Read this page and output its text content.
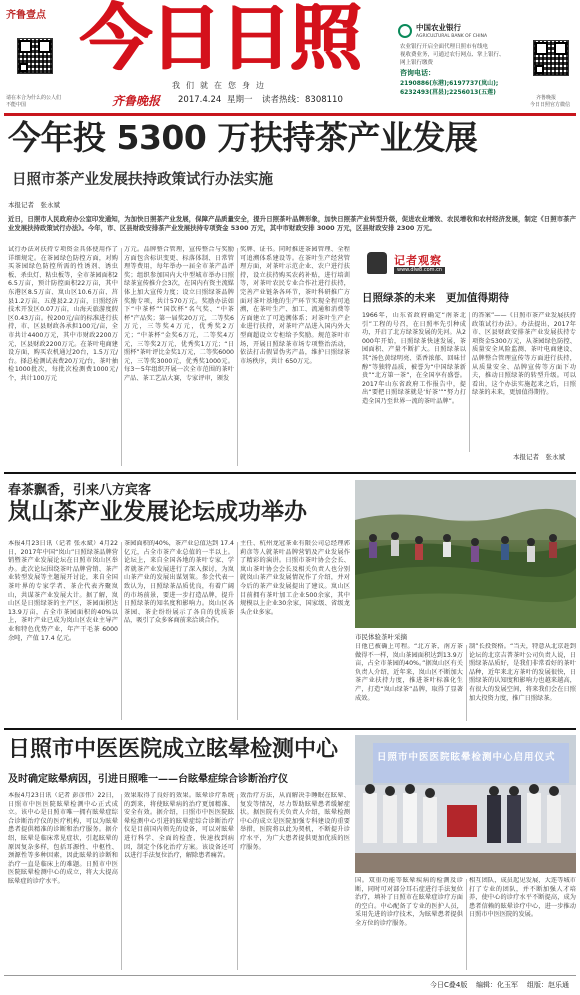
齐鲁壹点
请在本合为什么的公人们
不能中国
今日日照
我们就在您身边
齐鲁晚报 2017.4.24 星期一 读者热线： 8308110
中国农业银行
AGRICULTURAL BANK OF CHINA
农业银行开启全面代理日照市有线电
视收费业务，可通过农行网点、掌上银行、
网上银行缴费
咨询电话：
2190886(东港);6197737(岚山);
6232493(莒县);2256013(五莲)
齐鲁晚报
今日日照官方微信
今年投 5300 万扶持茶产业发展
日照市茶产业发展扶持政策试行办法实施
本报记者　张永斌
近日，日照市人民政府办公室印发通知，为加快日照茶产业发展，保障产品质量安全，提升日照茶叶品牌形象，加快日照茶产业转型升级，促进农业增效、农民增收和农村经济发展，制定《日照市茶产业发展扶持政策试行办法》。今年，市、区县财政安排茶产业发展扶持专项资金 5300 万元，其中市财政安排 3000 万元，区县财政安排 2300 万元。
试行办法对扶持专项资金具体使用作了详细规定。在茶园绿色防控方面，对购买茶园绿色防控所需的性诱剂、诱虫板、杀虫灯、粘虫板等，全市茶园面积26.5万亩，预计防控面积22万亩，其中东港区8.5万亩、岚山区10.6万亩、莒县1.2万亩、五莲县2.2万亩，日照经济技术开发区0.07万亩，山海天旅游度假区0.43万亩。按200元/亩的标准进行扶持，市、区县财政各承担100元/亩，全市共计4400万元，其中市财政2200万元，区县财政2200万元。在茶叶电商建设方面，购买农机通过20台，1.5万元/台。择总检测试表费20万元/台，茶叶抽检1000批次，每批次检测费1000元/个，共计100万元
万元。品牌整合管理，宣传整合与奖励方面包含标识变更、标落体制、日常管理等费用，每年举办一届全市茶产品评奖；组织参加国内大中型城市举办日照绿茶宣传推介会3次，在国内有资主流媒体上加大宣传力度；设立日照绿茶品牌奖励专项，共计570万元。奖励办法如下“中茶杯”“国饮杯”名气奖、“中茶杯”产品奖；第一届奖20万元，二等奖6万元，三等奖4万元，优秀奖2万元；“中茶杯”金奖6万元，二等奖4万元，三等奖2万元，优秀奖1万元；“日照杯”茶叶评比金奖1万元，二等奖6000元，三等奖3000元，优秀奖1000元。每3～5年组织开展一次全市范围的茶叶产品、茶工艺品大赛，专家评审，颁发
奖牌、证书。同时推进茶园管理、全程可追溯体系建设等。在茶叶生产经营管理方面，对茶叶示范企业、农户进行扶持，设立扶持购买农药补贴，进行培训等，对茶叶农民专业合作社进行扶持，完善产业链条各环节，茶叶科研推广方面对茶叶基地的生产环节实现全程可追溯，在茶叶生产、加工、流通和消费等方面建立了可追溯体系；对茶叶生产企业进行扶持，对茶叶产品进入国内外大型商超设立专柜给予奖励。规范茶叶市场，开展日照绿茶市场专项整治活动，依法打击假冒伪劣产品，维护日照绿茶市场秩序，共计 650万元。
记者观察
www.dlw8.com.cn
日照绿茶的未来　更加值得期待
1966年，山东省政府确定“南茶北引”工程的号召，在日照率先引种成功，开启了北方绿茶发展的先河。从2000年开始，日照绿茶快速发展，茶园面积、产量不断扩大。日照绿茶以其“汤色黄绿明亮、栗香浓郁、回味甘醇”等独特品质，被誉为“中国绿茶新贵”“北方第一茶”，在全国享有盛誉。2017年山东省政府工作报告中，提出“要把日照绿茶就是‘好茶’”“努力打造全国乃至世界一流的茶叶品牌”。
的答案”——《日照市茶产业发展扶持政策试行办法》。办法提出，2017年市、区县财政安排茶产业发展扶持专项资金5300万元，从茶园绿色防控、质量安全风险监测、茶叶电商建设、品牌整合管理宣传等方面进行扶持，从质量安全、品牌宣传等方面下功夫，推动日照绿茶的转型升级。可以看出，这个办法实施起来之后，日照绿茶的未来，更加值得期待。
本报记者　张永斌
春茶飘香，引来八方宾客
岚山茶产业发展论坛成功举办
本报4月23日讯（记者 张永斌）4月22日，2017年中国“岚山”日照绿茶品牌营销暨茶产业发展论坛在日照市岚山区举办。此次论坛围绕茶叶品牌营销、茶产业转型发展等主题展开讨论，来自全国茶叶界的专家学者、茶企代表齐聚岚山，共谋茶产业发展大计。据了解，岚山区是日照绿茶的主产区，茶园面积达 13.9万亩，占全市茶园面积的40%以上，茶叶产业已成为岚山区农业主导产业和特色优势产业，年产干毛茶 6000 余吨，产值 17.4 亿元。
茶园面积的40%，茶产业总值达到 17.4 亿元，占全市茶产业总值的一半以上。论坛上，来自全国各地的茶叶专家、学者就茶产业发展进行了深入探讨，为岚山茶产业的发展出谋划策。参会代表一致认为，日照绿茶品质优良，有着广阔的市场前景，要进一步打造品牌，提升日照绿茶的知名度和影响力。岚山区各茶园、茶企纷纷展示了各自的优质茶品，吸引了众多客商前来洽谈合作。
主任、杭州龙冠茶业有限公司总经理郭莉彦等人就茶叶品牌营销及产业发展作了精彩的演讲。日照市茶叶协会会长、岚山茶叶协会会长及相关负责人也分别就岚山茶产业发展情况作了介绍，并对今后的茶产业发展提出了建议。岚山区目前拥有茶叶加工企业500余家，其中规模以上企业30余家，国家级、省级龙头企业多家。
市民体验茶叶采摘
日他已被确上可程。“北方茶，南方茶做得不一样，岚山茶园面积达到13.9万亩，占全市茶园的40%。”据岚山区有关负责人介绍，近年来，岚山区不断加大茶产业扶持力度，推进茶叶标准化生产，打造“岚山绿茶”品牌，取得了显著成效。
制”长投资格。“当天，特意从北京赶到论坛的北京吉普茶叶公司负责人说，日照绿茶品质好，是我们非常看好的茶叶品种，近年来北方茶叶的发展很快，日照绿茶的认知度和影响力也越来越高，有很大的发展空间，将来我们会在日照加大投资力度，推广日照绿茶。
日照市中医医院成立眩晕检测中心
及时确定眩晕病因，引进日照唯一——台眩晕症综合诊断治疗仪
本报4月23日讯（记者 彭彦伟）22日，日照市中医医院眩晕检测中心正式成立。该中心是日照市唯一拥有眩晕症综合诊断治疗仪的医疗机构，可以为眩晕患者提供精准的诊断和治疗服务。据介绍，眩晕是临床常见症状，引起眩晕的原因复杂多样，包括耳源性、中枢性、颈源性等多种因素，因此眩晕的诊断和治疗一直是临床上的难题。日照市中医医院眩晕检测中心的成立，将大大提高眩晕症的诊疗水平。
效果取得了良好的效果。眩晕诊疗系统的到来，将使眩晕病的治疗更加精准、安全有效。据介绍，日照市中医医院眩晕检测中心引进的眩晕症综合诊断治疗仪是目前国内领先的设备，可以对眩晕进行科学、全面的检查，快速找到病因，制定个体化治疗方案。该设备还可以进行手法复位治疗，解除患者痛苦。
效治疗方法，从而解决手睡眠在眩晕、复发等情况，尽力帮助眩晕患者缓解症状。据医院有关负责人介绍，眩晕检测中心的成立是医院加强专科建设的重要举措，医院将以此为契机，不断提升诊疗水平，为广大患者提供更加优质的医疗服务。
日照市中医医院眩晕检测中心启用仪式
国。双重功能等眩晕疾病的检测及诊断，同时可对部分耳石症进行手法复位治疗，填补了日照市在眩晕症诊疗方面的空白。中心配备了专业的医护人员，采用先进的诊疗技术，为眩晕患者提供全方位的诊疗服务。
相互团队，成员起见发展，大连等城市打了专业的团队，并不断加强人才培养，使中心的诊疗水平不断提高，成为患者信赖的眩晕诊疗中心，进一步推动日照市中医医院的发展。
今日C叠4版 编辑：化玉军 组版：赵乐通
